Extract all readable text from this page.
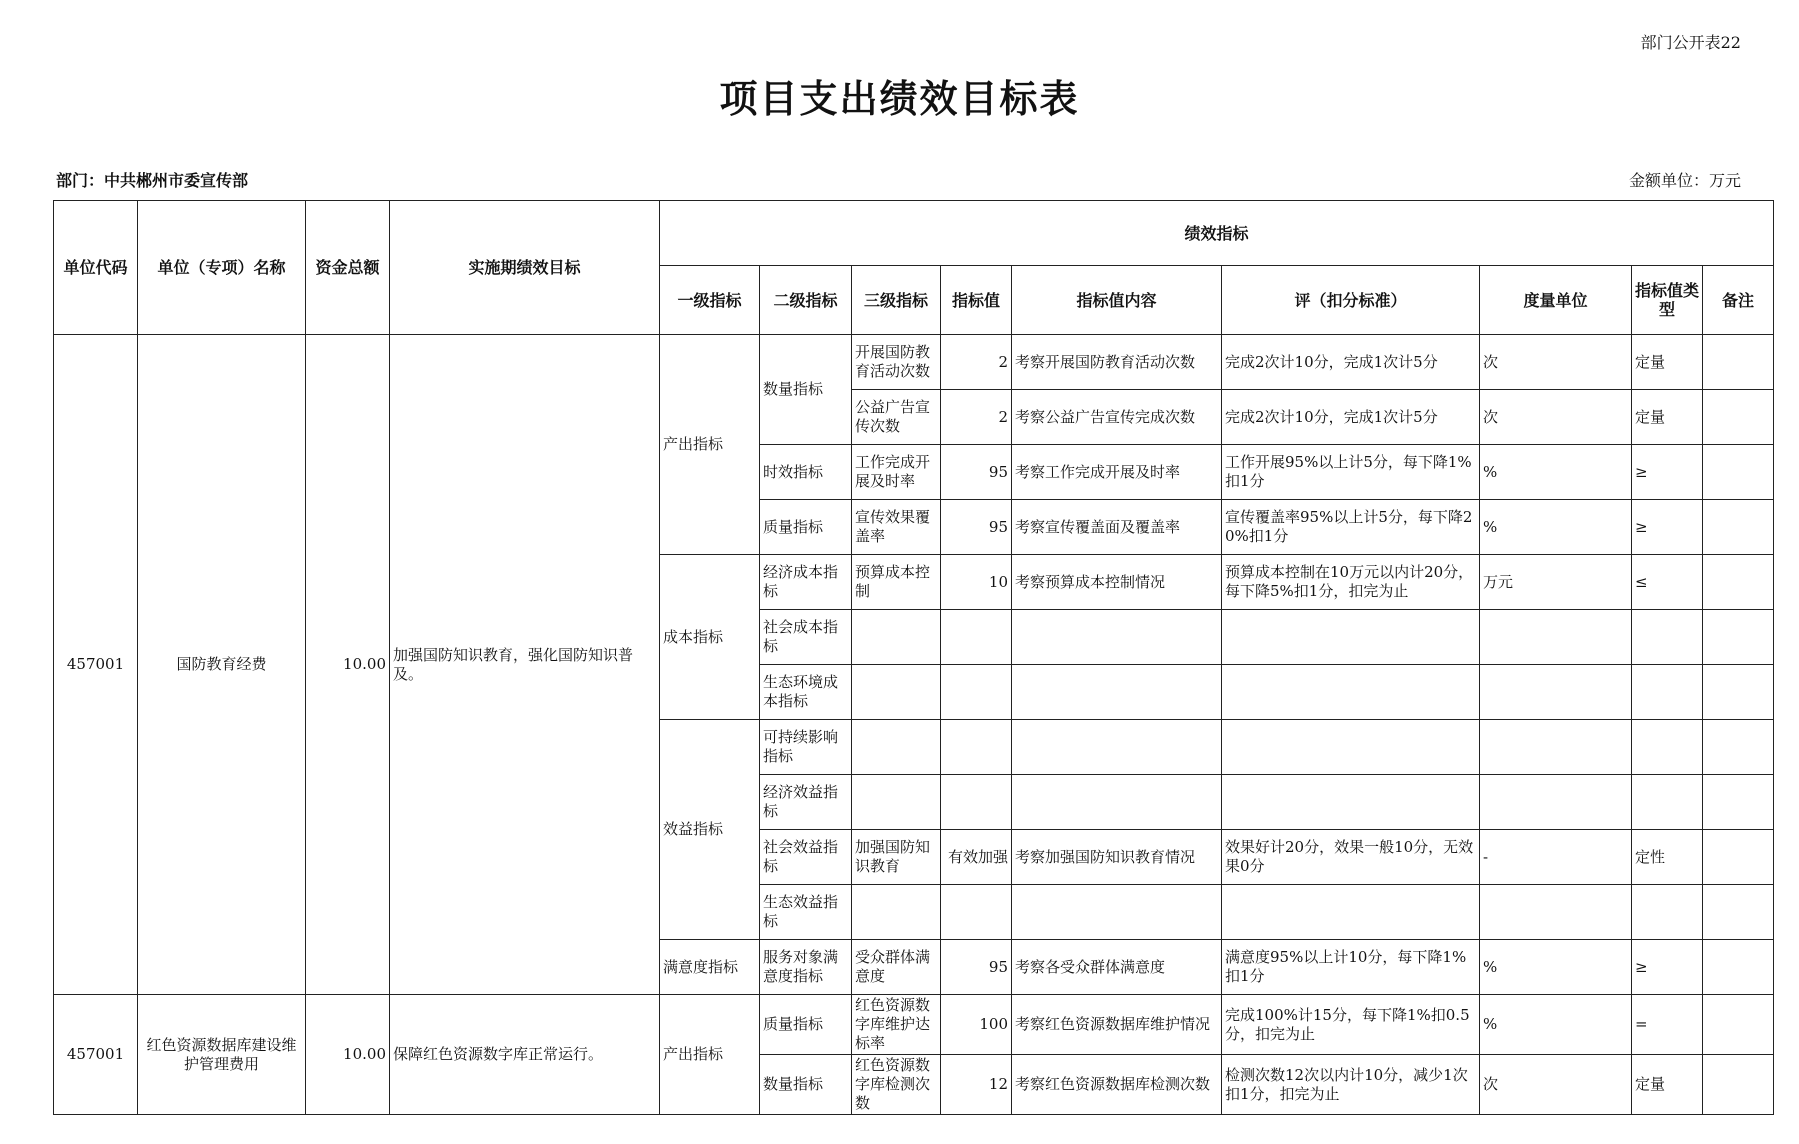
部门公开表22
项目支出绩效目标表
部门：中共郴州市委宣传部	金额单位：万元
单位代码	单位（专项）名称	资金总额	实施期绩效目标	绩效指标								
				一级指标	二级指标	三级指标	指标值	指标值内容	评（扣分标准）	度量单位	指标值类型	备注
457001	国防教育经费	10.00	加强国防知识教育，强化国防知识普及。	产出指标	数量指标	开展国防教育活动次数	2	考察开展国防教育活动次数	完成2次计10分，完成1次计5分	次	定量	
						公益广告宣传次数	2	考察公益广告宣传完成次数	完成2次计10分，完成1次计5分	次	定量	
					时效指标	工作完成开展及时率	95	考察工作完成开展及时率	工作开展95%以上计5分，每下降1%扣1分	%	≥	
					质量指标	宣传效果覆盖率	95	考察宣传覆盖面及覆盖率	宣传覆盖率95%以上计5分，每下降20%扣1分	%	≥	
				成本指标	经济成本指标	预算成本控制	10	考察预算成本控制情况	预算成本控制在10万元以内计20分，每下降5%扣1分，扣完为止	万元	≤	
					社会成本指标							
					生态环境成本指标							
				效益指标	可持续影响指标							
					经济效益指标							
					社会效益指标	加强国防知识教育	有效加强	考察加强国防知识教育情况	效果好计20分，效果一般10分，无效果0分	-	定性	
					生态效益指标							
				满意度指标	服务对象满意度指标	受众群体满意度	95	考察各受众群体满意度	满意度95%以上计10分，每下降1%扣1分	%	≥	
457001	红色资源数据库建设维护管理费用	10.00	保障红色资源数字库正常运行。	产出指标	质量指标	红色资源数字库维护达标率	100	考察红色资源数据库维护情况	完成100%计15分，每下降1%扣0.5分，扣完为止	%	=	
					数量指标	红色资源数字库检测次数	12	考察红色资源数据库检测次数	检测次数12次以内计10分，减少1次扣1分，扣完为止	次	定量	
